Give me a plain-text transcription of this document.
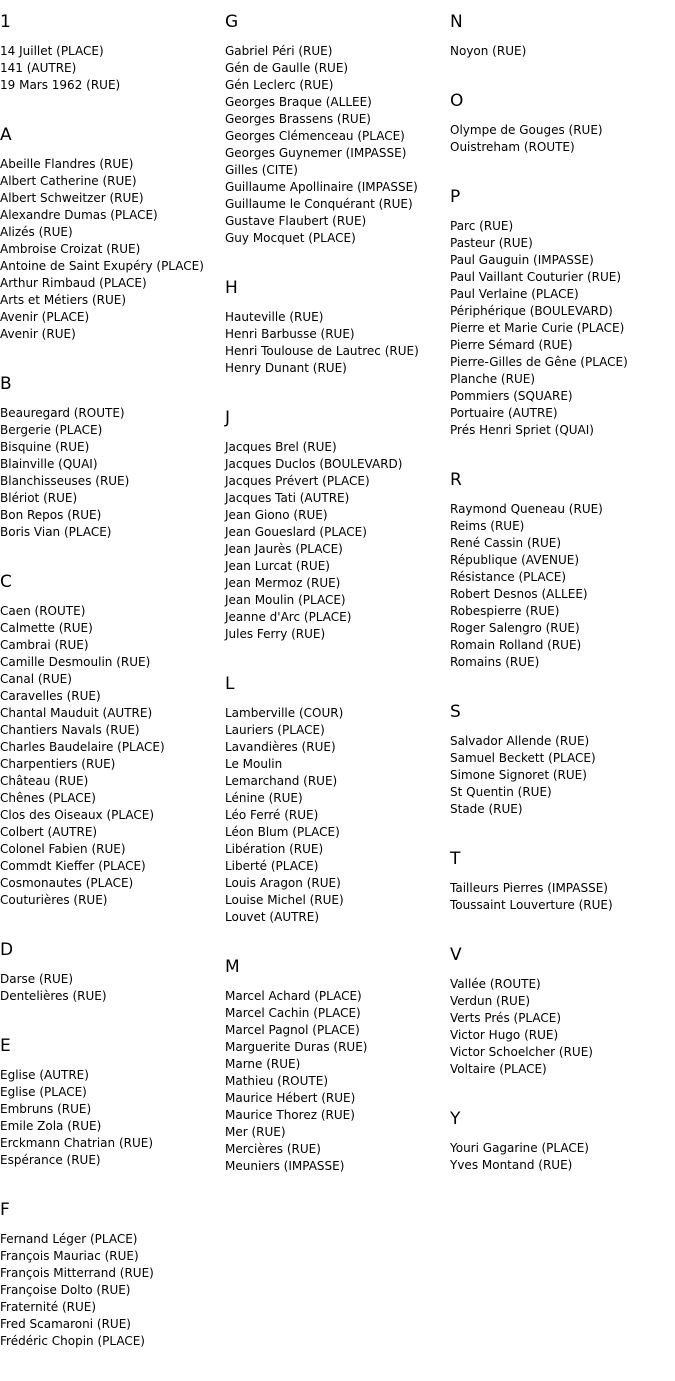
1
14 Juillet (PLACE)
141 (AUTRE)
19 Mars 1962 (RUE)
A
Abeille Flandres (RUE)
Albert Catherine (RUE)
Albert Schweitzer (RUE)
Alexandre Dumas (PLACE)
Alizés (RUE)
Ambroise Croizat (RUE)
Antoine de Saint Exupéry (PLACE)
Arthur Rimbaud (PLACE)
Arts et Métiers (RUE)
Avenir (PLACE)
Avenir (RUE)
B
Beauregard (ROUTE)
Bergerie (PLACE)
Bisquine (RUE)
Blainville (QUAI)
Blanchisseuses (RUE)
Blériot (RUE)
Bon Repos (RUE)
Boris Vian (PLACE)
C
Caen (ROUTE)
Calmette (RUE)
Cambrai (RUE)
Camille Desmoulin (RUE)
Canal (RUE)
Caravelles (RUE)
Chantal Mauduit (AUTRE)
Chantiers Navals (RUE)
Charles Baudelaire (PLACE)
Charpentiers (RUE)
Château (RUE)
Chênes (PLACE)
Clos des Oiseaux (PLACE)
Colbert (AUTRE)
Colonel Fabien (RUE)
Commdt Kieffer (PLACE)
Cosmonautes (PLACE)
Couturières (RUE)
D
Darse (RUE)
Dentelières (RUE)
E
Eglise (AUTRE)
Eglise (PLACE)
Embruns (RUE)
Emile Zola (RUE)
Erckmann Chatrian (RUE)
Espérance (RUE)
F
Fernand Léger (PLACE)
François Mauriac (RUE)
François Mitterrand (RUE)
Françoise Dolto (RUE)
Fraternité (RUE)
Fred Scamaroni (RUE)
Frédéric Chopin (PLACE)
G
Gabriel Péri (RUE)
Gén de Gaulle (RUE)
Gén Leclerc (RUE)
Georges Braque (ALLEE)
Georges Brassens (RUE)
Georges Clémenceau (PLACE)
Georges Guynemer (IMPASSE)
Gilles (CITE)
Guillaume Apollinaire (IMPASSE)
Guillaume le Conquérant (RUE)
Gustave Flaubert (RUE)
Guy Mocquet (PLACE)
H
Hauteville (RUE)
Henri Barbusse (RUE)
Henri Toulouse de Lautrec (RUE)
Henry Dunant (RUE)
J
Jacques Brel (RUE)
Jacques Duclos (BOULEVARD)
Jacques Prévert (PLACE)
Jacques Tati (AUTRE)
Jean Giono (RUE)
Jean Goueslard (PLACE)
Jean Jaurès (PLACE)
Jean Lurcat (RUE)
Jean Mermoz (RUE)
Jean Moulin (PLACE)
Jeanne d'Arc (PLACE)
Jules Ferry (RUE)
L
Lamberville (COUR)
Lauriers (PLACE)
Lavandières (RUE)
Le Moulin
Lemarchand (RUE)
Lénine (RUE)
Léo Ferré (RUE)
Léon Blum (PLACE)
Libération (RUE)
Liberté (PLACE)
Louis Aragon (RUE)
Louise Michel (RUE)
Louvet (AUTRE)
M
Marcel Achard (PLACE)
Marcel Cachin (PLACE)
Marcel Pagnol (PLACE)
Marguerite Duras (RUE)
Marne (RUE)
Mathieu (ROUTE)
Maurice Hébert (RUE)
Maurice Thorez (RUE)
Mer (RUE)
Mercières (RUE)
Meuniers (IMPASSE)
N
Noyon (RUE)
O
Olympe de Gouges (RUE)
Ouistreham (ROUTE)
P
Parc (RUE)
Pasteur (RUE)
Paul Gauguin (IMPASSE)
Paul Vaillant Couturier (RUE)
Paul Verlaine (PLACE)
Périphérique (BOULEVARD)
Pierre et Marie Curie (PLACE)
Pierre Sémard (RUE)
Pierre-Gilles de Gêne (PLACE)
Planche (RUE)
Pommiers (SQUARE)
Portuaire (AUTRE)
Prés Henri Spriet (QUAI)
R
Raymond Queneau (RUE)
Reims (RUE)
René Cassin (RUE)
République (AVENUE)
Résistance (PLACE)
Robert Desnos (ALLEE)
Robespierre (RUE)
Roger Salengro (RUE)
Romain Rolland (RUE)
Romains (RUE)
S
Salvador Allende (RUE)
Samuel Beckett (PLACE)
Simone Signoret (RUE)
St Quentin (RUE)
Stade (RUE)
T
Tailleurs Pierres (IMPASSE)
Toussaint Louverture (RUE)
V
Vallée (ROUTE)
Verdun (RUE)
Verts Prés (PLACE)
Victor Hugo (RUE)
Victor Schoelcher (RUE)
Voltaire (PLACE)
Y
Youri Gagarine (PLACE)
Yves Montand (RUE)
